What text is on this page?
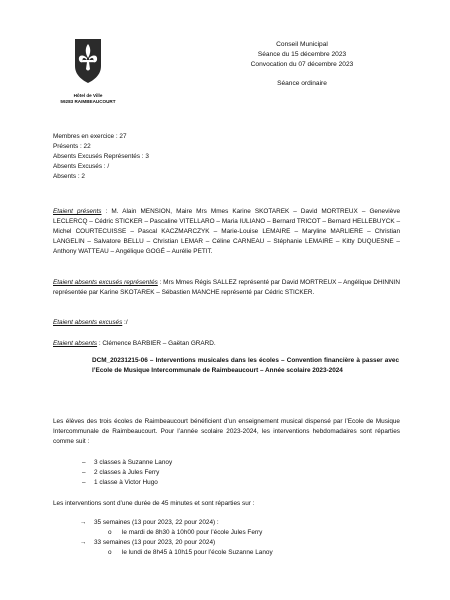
Hôtel de Ville
59283 RAIMBEAUCOURT
Conseil Municipal
Séance du 15 décembre 2023
Convocation du 07 décembre 2023
Séance ordinaire
Membres en exercice : 27
Présents : 22
Absents Excusés Représentés : 3
Absents Excusés : /
Absents : 2
Etaient présents : M. Alain MENSION, Maire Mrs Mmes Karine SKOTAREK – David MORTREUX – Geneviève LECLERCQ – Cédric STICKER – Pascaline VITELLARO – Maria IULIANO – Bernard TRICOT – Bernard HELLEBUYCK – Michel COURTECUISSE – Pascal KACZMARCZYK – Marie-Louise LEMAIRE – Maryline MARLIERE – Christian LANGELIN – Salvatore BELLU – Christian LEMAR – Céline CARNEAU – Stéphanie LEMAIRE – Kitty DUQUESNE – Anthony WATTEAU – Angélique GOGÉ – Aurélie PETIT.
Etaient absents excusés représentés : Mrs Mmes Régis SALLEZ représenté par David MORTREUX – Angélique DHINNIN représentée par Karine SKOTAREK – Sébastien MANCHE représenté par Cédric STICKER.
Etaient absents excusés :/
Etaient absents : Clémence BARBIER – Gaëtan GRARD.
DCM_20231215-06 – Interventions musicales dans les écoles – Convention financière à passer avec l’Ecole de Musique Intercommunale de Raimbeaucourt – Année scolaire 2023-2024
Les élèves des trois écoles de Raimbeaucourt bénéficient d’un enseignement musical dispensé par l’Ecole de Musique Intercommunale de Raimbeaucourt. Pour l’année scolaire 2023-2024, les interventions hebdomadaires sont réparties comme suit :
– 3 classes à Suzanne Lanoy
– 2 classes à Jules Ferry
– 1 classe à Victor Hugo
Les interventions sont d’une durée de 45 minutes et sont réparties sur :
→ 35 semaines (13 pour 2023, 22 pour 2024) :
o le mardi de 8h30 à 10h00 pour l’école Jules Ferry
→ 33 semaines (13 pour 2023, 20 pour 2024)
o le lundi de 8h45 à 10h15 pour l’école Suzanne Lanoy
